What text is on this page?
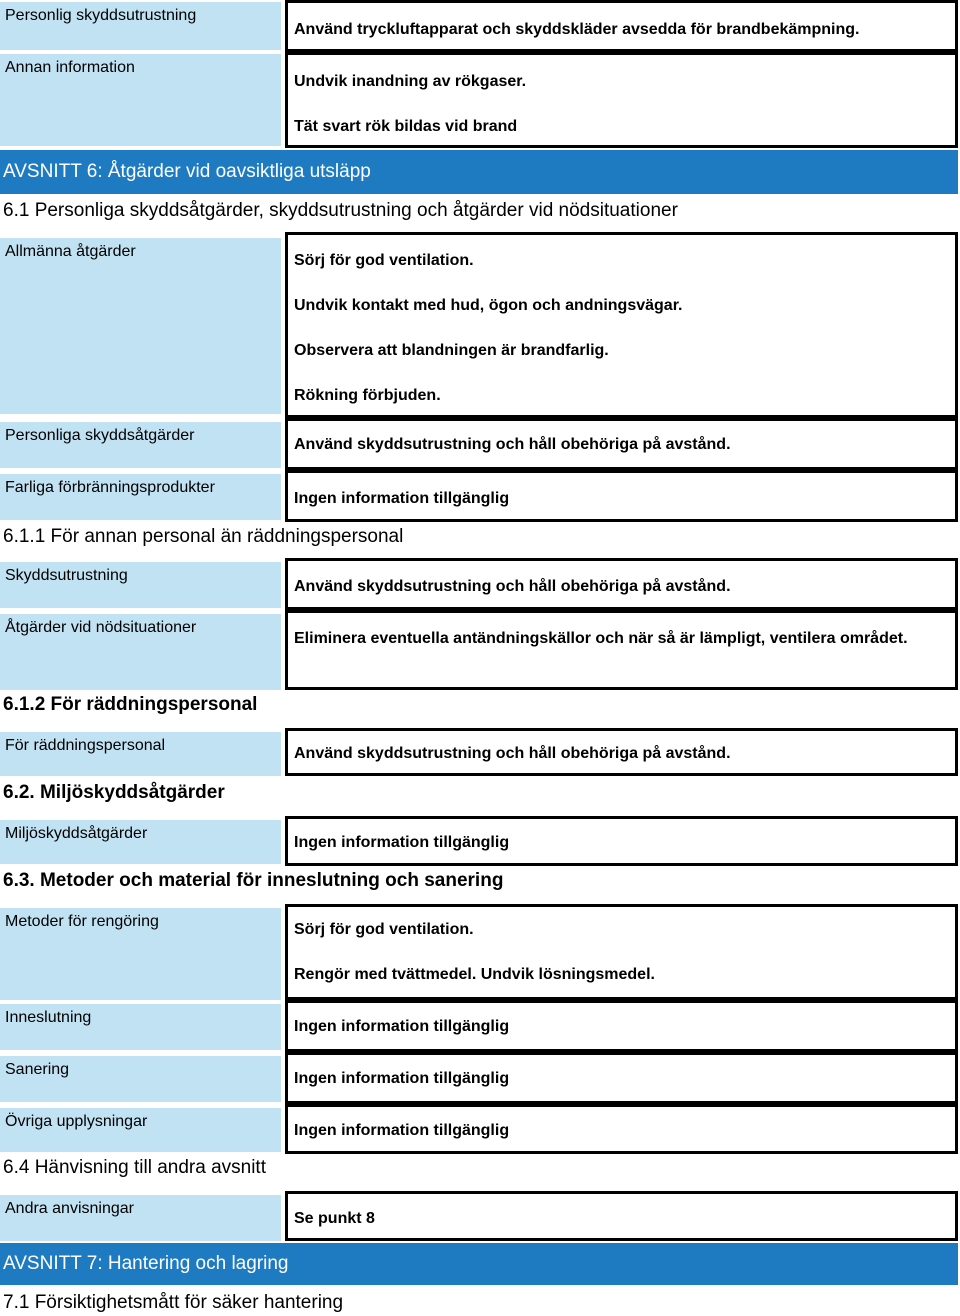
Personlig skyddsutrustning
Använd tryckluftapparat och skyddskläder avsedda för brandbekämpning.
Annan information
Undvik inandning av rökgaser.
Tät svart rök bildas vid brand
AVSNITT 6: Åtgärder vid oavsiktliga utsläpp
6.1 Personliga skyddsåtgärder, skyddsutrustning och åtgärder vid nödsituationer
Allmänna åtgärder
Sörj för god ventilation.
Undvik kontakt med hud, ögon och andningsvägar.
Observera att blandningen är brandfarlig.
Rökning förbjuden.
Personliga skyddsåtgärder
Använd skyddsutrustning och håll obehöriga på avstånd.
Farliga förbränningsprodukter
Ingen information tillgänglig
6.1.1 För annan personal än räddningspersonal
Skyddsutrustning
Använd skyddsutrustning och håll obehöriga på avstånd.
Åtgärder vid nödsituationer
Eliminera eventuella antändningskällor och när så är lämpligt, ventilera området.
6.1.2 För räddningspersonal
För räddningspersonal	Använd skyddsutrustning och håll obehöriga på avstånd.
6.2. Miljöskyddsåtgärder
Miljöskyddsåtgärder
Ingen information tillgänglig
6.3. Metoder och material för inneslutning och sanering
Metoder för rengöring	Sörj för god ventilation.
Rengör med tvättmedel. Undvik lösningsmedel.
Inneslutning
Ingen information tillgänglig
Sanering
Ingen information tillgänglig
Övriga upplysningar
Ingen information tillgänglig
6.4 Hänvisning till andra avsnitt
Andra anvisningar
Se punkt 8
AVSNITT 7: Hantering och lagring
7.1 Försiktighetsmått för säker hantering
